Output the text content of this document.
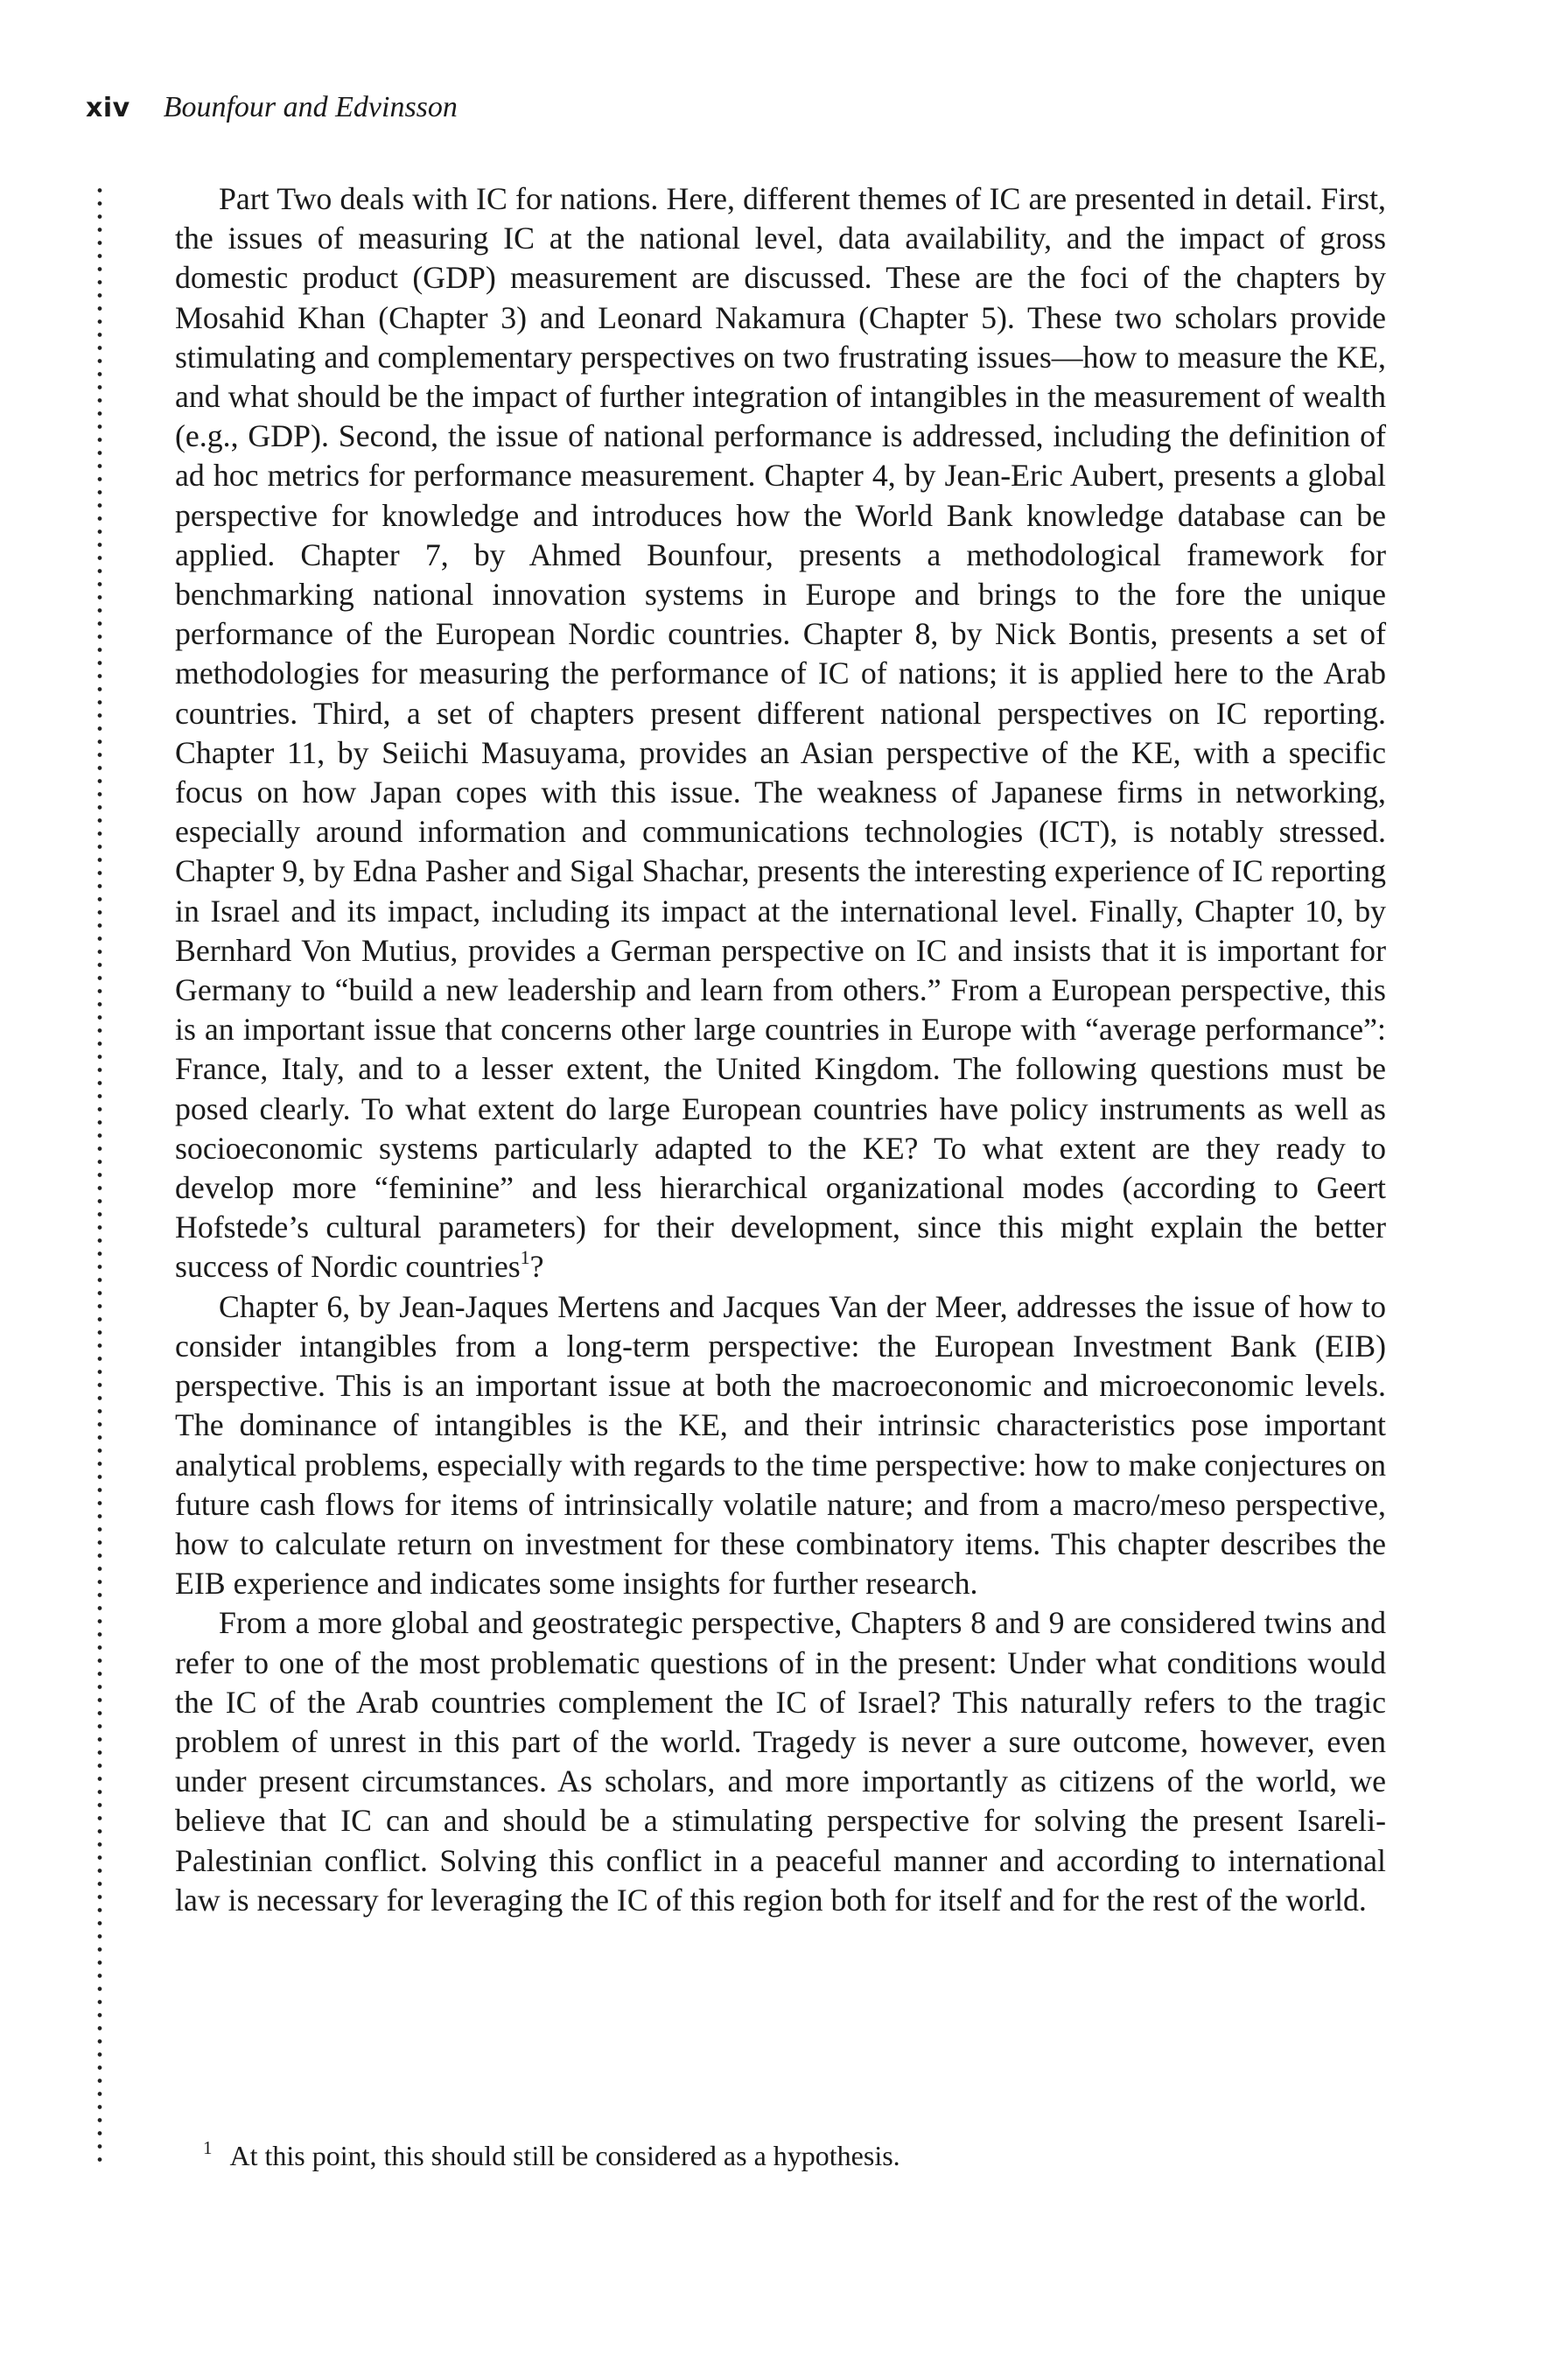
xiv Bounfour and Edvinsson

Part Two deals with IC for nations. Here, different themes of IC are presented in detail. First, the issues of measuring IC at the national level, data availability, and the impact of gross domestic product (GDP) measurement are discussed. These are the foci of the chapters by Mosahid Khan (Chapter 3) and Leonard Nakamura (Chapter 5). These two scholars provide stimulating and complementary perspectives on two frustrating issues—how to measure the KE, and what should be the impact of further integration of intangibles in the measurement of wealth (e.g., GDP). Second, the issue of national performance is addressed, including the definition of ad hoc metrics for performance measurement. Chapter 4, by Jean-Eric Aubert, presents a global perspective for knowledge and introduces how the World Bank knowledge database can be applied. Chapter 7, by Ahmed Bounfour, presents a methodological framework for benchmarking national innovation systems in Europe and brings to the fore the unique performance of the European Nordic countries. Chapter 8, by Nick Bontis, presents a set of methodologies for measuring the performance of IC of nations; it is applied here to the Arab countries. Third, a set of chapters present different national perspectives on IC reporting. Chapter 11, by Seiichi Masuyama, provides an Asian perspective of the KE, with a specific focus on how Japan copes with this issue. The weakness of Japanese firms in networking, especially around information and communications technologies (ICT), is notably stressed. Chapter 9, by Edna Pasher and Sigal Shachar, presents the interesting experience of IC reporting in Israel and its impact, including its impact at the international level. Finally, Chapter 10, by Bernhard Von Mutius, provides a German perspective on IC and insists that it is important for Germany to “build a new leadership and learn from others.” From a European perspective, this is an important issue that concerns other large countries in Europe with “average performance”: France, Italy, and to a lesser extent, the United Kingdom. The following questions must be posed clearly. To what extent do large European countries have policy instruments as well as socioeconomic systems particularly adapted to the KE? To what extent are they ready to develop more “feminine” and less hierarchical organizational modes (according to Geert Hofstede’s cultural parameters) for their development, since this might explain the better success of Nordic countries$^1$?

Chapter 6, by Jean-Jaques Mertens and Jacques Van der Meer, addresses the issue of how to consider intangibles from a long-term perspective: the European Investment Bank (EIB) perspective. This is an important issue at both the macroeconomic and microeconomic levels. The dominance of intangibles is the KE, and their intrinsic characteristics pose important analytical problems, especially with regards to the time perspective: how to make conjectures on future cash flows for items of intrinsically volatile nature; and from a macro/meso perspective, how to calculate return on investment for these combinatory items. This chapter describes the EIB experience and indicates some insights for further research.

From a more global and geostrategic perspective, Chapters 8 and 9 are considered twins and refer to one of the most problematic questions of in the present: Under what conditions would the IC of the Arab countries complement the IC of Israel? This naturally refers to the tragic problem of unrest in this part of the world. Tragedy is never a sure outcome, however, even under present circumstances. As scholars, and more importantly as citizens of the world, we believe that IC can and should be a stimulating perspective for solving the present Isareli-Palestinian conflict. Solving this conflict in a peaceful manner and according to international law is necessary for leveraging the IC of this region both for itself and for the rest of the world.

$^1$ At this point, this should still be considered as a hypothesis.
